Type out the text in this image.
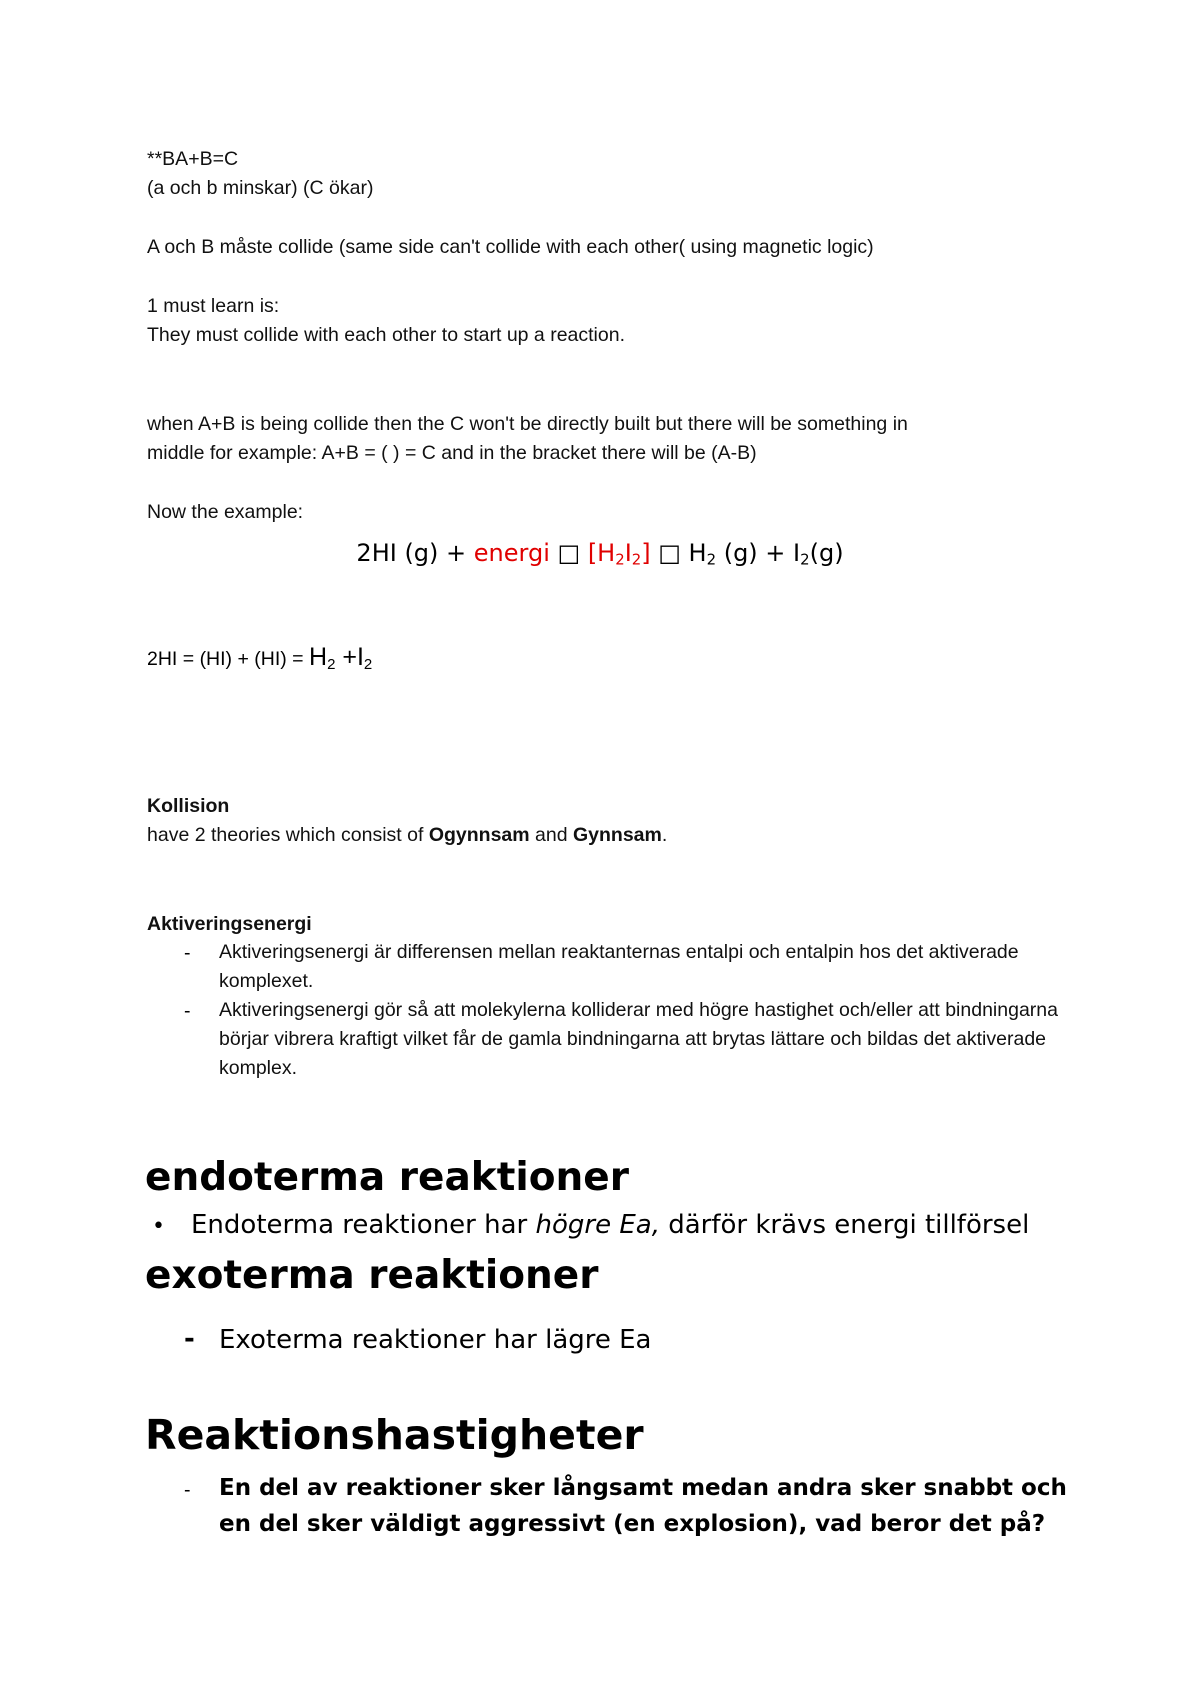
**BA+B=C
(a och b minskar) (C ökar)
A och B måste collide (same side can't collide with each other( using magnetic logic)
1 must learn is:
They must collide with each other to start up a reaction.
when A+B is being collide then the C won't be directly built but there will be something in
middle for example: A+B = ( ) = C and in the bracket there will be (A-B)
Now the example:
2HI (g) + energi □ $[H_2I_2]$ □ $H_2$ $(g) + I_2(g)$
$2HI = (HI) + (HI) = H_2 +I_2$
Kollision
have 2 theories which consist of Ogynnsam and Gynnsam.
Aktiveringsenergi
- Aktiveringsenergi är differensen mellan reaktanternas entalpi och entalpin hos det aktiverade komplexet.
- Aktiveringsenergi gör så att molekylerna kolliderar med högre hastighet och/eller att bindningarna börjar vibrera kraftigt vilket får de gamla bindningarna att brytas lättare och bildas det aktiverade komplex.
endoterma reaktioner
• Endoterma reaktioner har högre Ea, därför krävs energi tillförsel
exoterma reaktioner
- Exoterma reaktioner har lägre Ea
Reaktionshastigheter
- En del av reaktioner sker långsamt medan andra sker snabbt och en del sker väldigt aggressivt (en explosion), vad beror det på?
